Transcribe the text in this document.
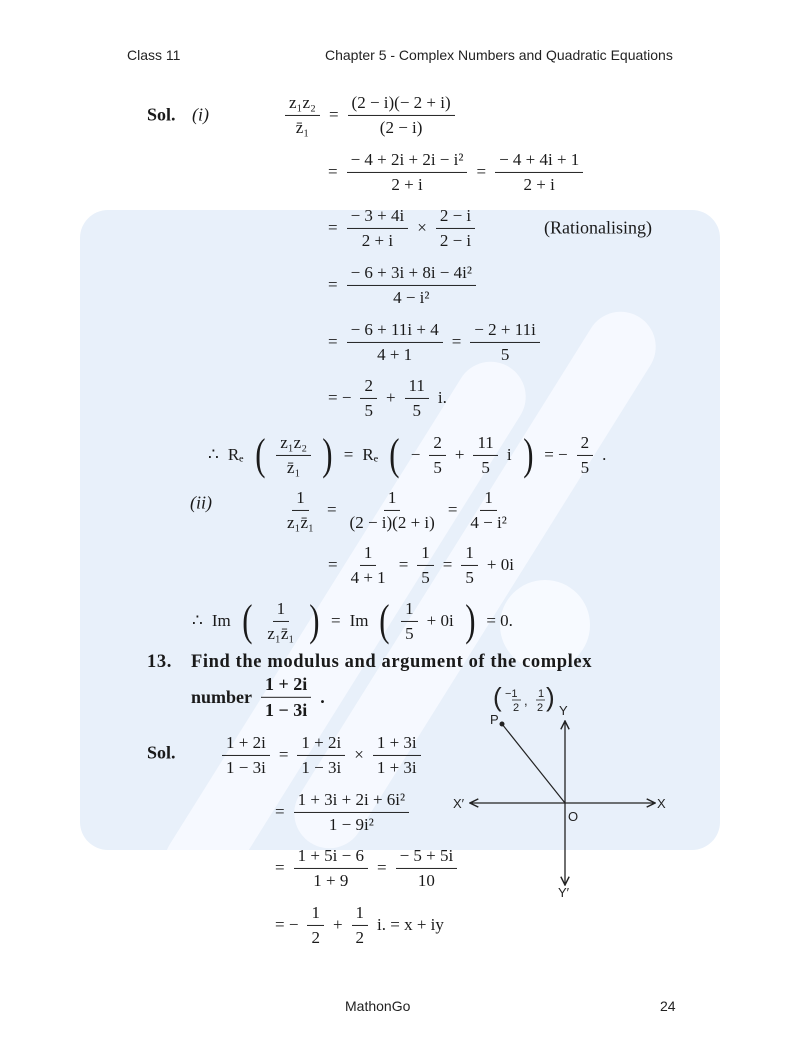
Class 11	Chapter 5 - Complex Numbers and Quadratic Equations
Sol. (i)	$\frac{\text{z₁z₂}}{\text{z̄₁}} = \frac{(2 - i)(- 2 + i)}{(2 - i)}$
= $\frac{\text{− 4 + 2i + 2i − i²}}{2 + i} = \frac{- 4 + 4i + 1}{2 + i}$
= $\frac{- 3 + 4i}{2 + i} \times \frac{2 - i}{2 - i}$	(Rationalising)
= $\frac{\text{− 6 + 3i + 8i − 4i²}}{\text{4 − i²}}$
= $\frac{- 6 + 11i + 4}{4 + 1} = \frac{- 2 + 11i}{5}$
= − $\frac{2}{5} + \frac{11}{5} i$.
∴ Rₑ ( $\frac{\text{z₁z₂}}{\text{z̄₁}}$ ) = Rₑ ( − $\frac{2}{5} + \frac{11}{5}$ i ) = − $\frac{2}{5}$ .
(ii)	$\frac{1}{\text{z₁z̄₁}} = \frac{1}{(2 - i)(2 + i)} = \frac{1}{\text{4 − i²}}$
= $\frac{1}{4 + 1} = \frac{1}{5} = \frac{1}{5} + 0i$
∴ Im ( $\frac{1}{\text{z₁z̄₁}}$ ) = Im ( $\frac{1}{5} + 0i$ ) = 0.
13. Find the modulus and argument of the complex
number $\frac{1 + 2i}{1 - 3i}$ .
Sol.	$\frac{1 + 2i}{1 - 3i} = \frac{1 + 2i}{1 - 3i} \times \frac{1 + 3i}{1 + 3i}$
= $\frac{\text{1 + 3i + 2i + 6i²}}{\text{1 − 9i²}}$
= $\frac{1 + 5i - 6}{1 + 9} = \frac{- 5 + 5i}{10}$
= − $\frac{1}{2} + \frac{1}{2} i$. = x + iy
P
( −1
2 , 1
2 ) Y
Y′
X
X′
O
MathonGo	24
